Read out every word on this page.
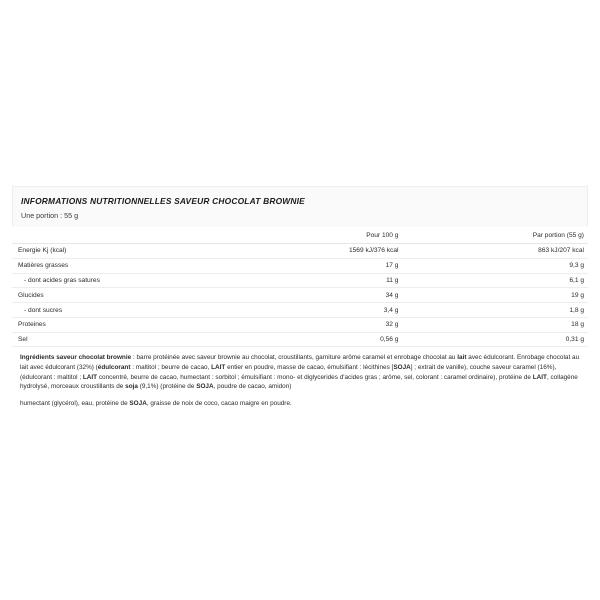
INFORMATIONS NUTRITIONNELLES SAVEUR CHOCOLAT BROWNIE
Une portion : 55 g
	Pour 100 g	Par portion (55 g)
Energie Kj (kcal)	1569 kJ/376 kcal	863 kJ/207 kcal
Matières grasses	17 g	9,3 g
- dont acides gras satures	11 g	6,1 g
Glucides	34 g	19 g
- dont sucres	3,4 g	1,8 g
Proteines	32 g	18 g
Sel	0,56 g	0,31 g

Ingrédients saveur chocolat brownie : barre protéinée avec saveur brownie au chocolat, croustillants, garniture arôme caramel et enrobage chocolat au lait avec édulcorant. Enrobage chocolat au lait avec édulcorant (32%) (édulcorant : maltitol ; beurre de cacao, LAIT entier en poudre, masse de cacao, émulsifiant : lécithines [SOJA] ; extrait de vanille), couche saveur caramel (16%), (édulcorant : maltitol ; LAIT concentré, beurre de cacao, humectant : sorbitol ; émulsifiant : mono- et diglycerides d'acides gras ; arôme, sel, colorant : caramel ordinaire), protéine de LAIT, collagène hydrolysé, morceaux croustillants de soja (9,1%) (protéine de SOJA, poudre de cacao, amidon)

humectant (glycérol), eau, protéine de SOJA, graisse de noix de coco, cacao maigre en poudre.
